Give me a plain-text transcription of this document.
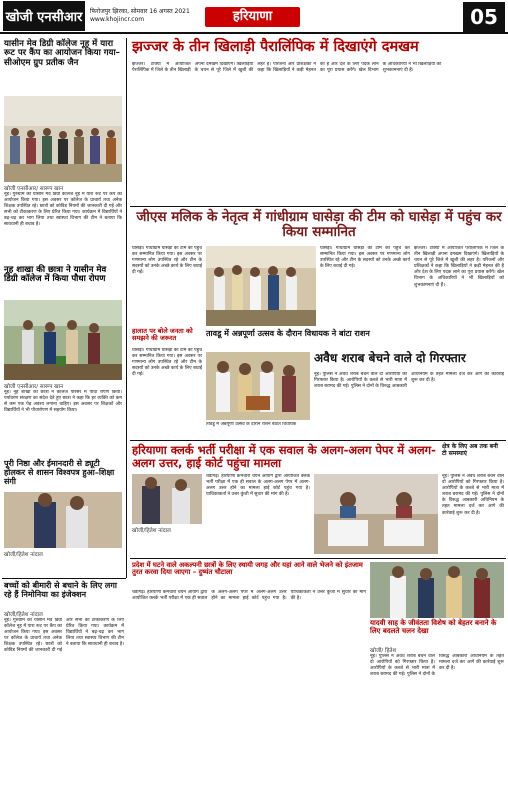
खोजी एनसीआर	फिरोजपुर झिरका, सोमवार 16 अगस्त 2021
www.khojincr.com	हरियाणा	05
यासीन मेव डिग्री कॉलेज नूह में यारा रूट पर कैंप का आयोजन किया गया–सीओएम ग्रुप प्रतीक जैन
खोजी एनसीआर/ सारूप खान
नूह। गुरुग्राम की यासीन मेव डिग्री कॉलेज नूह में यारा रूट पर कैंप का आयोजन किया गया। इस अवसर पर कॉलेज के प्राचार्य तथा अनेक शिक्षक उपस्थित रहे। छात्रों को कोविड नियमों की जानकारी दी गई और सभी को टीकाकरण के लिए प्रेरित किया गया। कार्यक्रम में विद्यार्थियों ने बढ़-चढ़ कर भाग लिया तथा स्वास्थ्य विभाग की टीम ने बताया कि सावधानी ही बचाव है।
नूह शाखा की छात्रा ने यासीन मेव डिग्री कॉलेज में किया पौधा रोपण
खोजी एनसीआर/ सारूप खान
नूह। नूह शाखा की छात्रा ने कॉलेज परिसर में पौधा रोपण किया। पर्यावरण संरक्षण का संदेश देते हुए छात्रा ने कहा कि हर व्यक्ति को कम से कम एक पेड़ अवश्य लगाना चाहिए। इस अवसर पर शिक्षकों और विद्यार्थियों ने भी पौधारोपण में सहयोग किया।
पूरी निष्ठा और ईमानदारी से ड्यूटी होलकर से शासन विश्वपत्र हुआ–शिक्षा संगी
खोजी/हितेश नांदाल
झज्जर के तीन खिलाड़ी पैरालिंपिक में दिखाएंगे दमखम
झज्जर। टोक्यो में आयोजित पैरालिंपिक में जिले के तीन खिलाड़ी अपना दमखम दिखाएंगे। खिलाड़ियों के चयन से पूरे जिले में खुशी की लहर है। परिजनों और प्रशिक्षकों ने कहा कि खिलाड़ियों ने कड़ी मेहनत की है और देश के लिए पदक लाने का पूरा प्रयास करेंगे। खेल विभाग के अधिकारियों ने भी खिलाड़ियों को शुभकामनाएं दी हैं।
जीएस मलिक के नेतृत्व में गांधीग्राम घासेड़ा की टीम को घासेड़ा में पहुंच कर किया सम्मानित
घासेड़ा। गांधीग्राम घासेड़ा की टीम को पहुंच कर सम्मानित किया गया। इस अवसर पर गणमान्य लोग उपस्थित रहे और टीम के सदस्यों को उनके अच्छे कार्य के लिए बधाई दी गई।
हालात पर बोले जनता को समझने की जरूरत
घासेड़ा। गांधीग्राम घासेड़ा की टीम को पहुंच कर सम्मानित किया गया। इस अवसर पर गणमान्य लोग उपस्थित रहे और टीम के सदस्यों को उनके अच्छे कार्य के लिए बधाई दी गई।
घासेड़ा। गांधीग्राम घासेड़ा की टीम को पहुंच कर सम्मानित किया गया। इस अवसर पर गणमान्य लोग उपस्थित रहे और टीम के सदस्यों को उनके अच्छे कार्य के लिए बधाई दी गई।
झज्जर। टोक्यो में आयोजित पैरालिंपिक में जिले के तीन खिलाड़ी अपना दमखम दिखाएंगे। खिलाड़ियों के चयन से पूरे जिले में खुशी की लहर है। परिजनों और प्रशिक्षकों ने कहा कि खिलाड़ियों ने कड़ी मेहनत की है और देश के लिए पदक लाने का पूरा प्रयास करेंगे। खेल विभाग के अधिकारियों ने भी खिलाड़ियों को शुभकामनाएं दी हैं।
तावडू में अन्नपूर्णा उत्सव के दौरान विधायक ने बांटा राशन
तावडू में अन्नपूर्णा उत्सव के दौरान राशन बांटते विधायक
अवैध शराब बेचने वाले दो गिरफ्तार
नूह। पुलिस ने अवैध शराब बेचने वाले दो आरोपियों को गिरफ्तार किया है। आरोपियों के कब्जे से भारी मात्रा में शराब बरामद की गई। पुलिस ने दोनों के विरुद्ध आबकारी अधिनियम के तहत मामला दर्ज कर आगे की कार्रवाई शुरू कर दी है।
हरियाणा क्लर्क भर्ती परीक्षा में एक सवाल के अलग-अलग पेपर में अलग-अलग उत्तर, हाई कोर्ट पहुंचा मामला
खोजी/हितेश नांदाल
चंडीगढ़। हरियाणा कर्मचारी चयन आयोग द्वारा आयोजित क्लर्क भर्ती परीक्षा में एक ही सवाल के अलग-अलग पेपर में अलग-अलग उत्तर होने का मामला हाई कोर्ट पहुंच गया है। याचिकाकर्ता ने उत्तर कुंजी में सुधार की मांग की है।
नूह। पुलिस ने अवैध शराब बेचने वाले दो आरोपियों को गिरफ्तार किया है। आरोपियों के कब्जे से भारी मात्रा में शराब बरामद की गई। पुलिस ने दोनों के विरुद्ध आबकारी अधिनियम के तहत मामला दर्ज कर आगे की कार्रवाई शुरू कर दी है।
क्षेत्र के लिए अब तक बनी टी समस्याएं
प्रदेश में घटने वाले अकल्पनी छात्रों के लिए स्थायी जगह और यहां आने वाले भेजने को इंतजाम तुरत करवा दिया जाएगा – दुष्यंत चौटाला
चंडीगढ़। हरियाणा कर्मचारी चयन आयोग द्वारा आयोजित क्लर्क भर्ती परीक्षा में एक ही सवाल के अलग-अलग पेपर में अलग-अलग उत्तर होने का मामला हाई कोर्ट पहुंच गया है। याचिकाकर्ता ने उत्तर कुंजी में सुधार की मांग की है।
यादवी साह के जीवंतता विशेष को बेहतर बनाने के लिए बदलते चलन देखा
खोजी/ हितेश
नूह। पुलिस ने अवैध शराब बेचने वाले दो आरोपियों को गिरफ्तार किया है। आरोपियों के कब्जे से भारी मात्रा में शराब बरामद की गई। पुलिस ने दोनों के विरुद्ध आबकारी अधिनियम के तहत मामला दर्ज कर आगे की कार्रवाई शुरू कर दी है।
बच्चों को बीमारी से बचाने के लिए लगा रहे हैं निमोनिया का इंजेक्शन
खोजी/हितेश नांदाल
नूह। गुरुग्राम की यासीन मेव डिग्री कॉलेज नूह में यारा रूट पर कैंप का आयोजन किया गया। इस अवसर पर कॉलेज के प्राचार्य तथा अनेक शिक्षक उपस्थित रहे। छात्रों को कोविड नियमों की जानकारी दी गई और सभी को टीकाकरण के लिए प्रेरित किया गया। कार्यक्रम में विद्यार्थियों ने बढ़-चढ़ कर भाग लिया तथा स्वास्थ्य विभाग की टीम ने बताया कि सावधानी ही बचाव है।
